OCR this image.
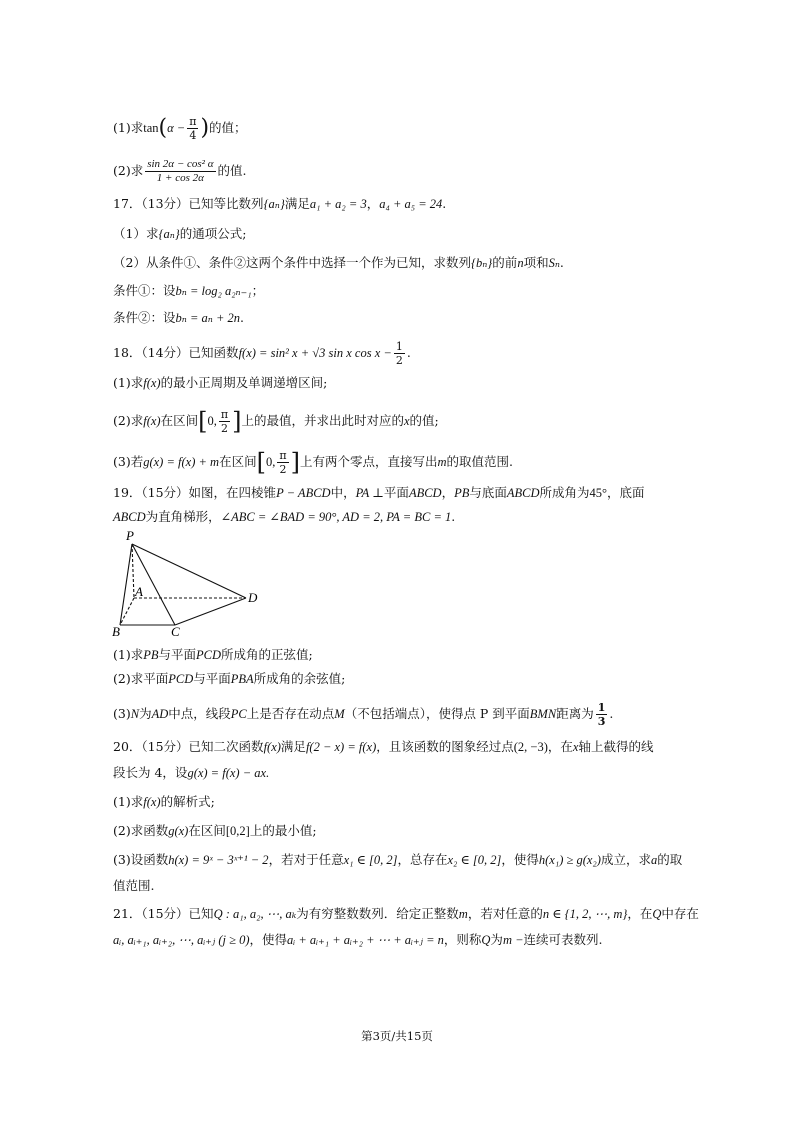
(1)求$\tan(\alpha - \frac{\pi}{4}$ )的值；
(2)求 $\frac{\text{sin 2α − cos² α}}{1 + \cos 2\alpha}$ 的值.
17．（13分）已知等比数列{aₙ}满足a₁ + a₂ = 3，a₄ + a₅ = 24.
（1）求{aₙ}的通项公式;
（2）从条件①、条件②这两个条件中选择一个作为已知，求数列{bₙ}的前n项和Sₙ.
条件①：设bₙ = log₂ a₂ₙ₋₁；
条件②：设bₙ = aₙ + 2n.
18．（14分）已知函数f(x) = sin² x + √3 sin x $\cos x - \frac{1}{2}$ .
(1)求f(x)的最小正周期及单调递增区间;
(2)求f(x)在区间[0, $\frac{\pi}{2}$ ]上的最值，并求出此时对应的x的值;
(3)若g(x) = f(x) + m在区间[0, $\frac{\pi}{2}$ ]上有两个零点，直接写出m的取值范围.
19．（15分）如图，在四棱锥P − ABCD中，PA ⊥平面ABCD，PB与底面ABCD所成角为45°，底面
ABCD为直角梯形，∠ABC = ∠BAD = 90°, AD = 2, PA = BC = 1.
P
A
B	C
D
(1)求PB与平面PCD所成角的正弦值;
(2)求平面PCD与平面PBA所成角的余弦值;
(3)N为AD中点，线段PC上是否存在动点M（不包括端点），使得点 P 到平面BMN距离为 $\frac{1}{3}$ .
20．（15分）已知二次函数f(x)满足f(2 − x) = f(x)，且该函数的图象经过点(2, −3)，在x轴上截得的线
段长为 4，设g(x) = f(x) − ax.
(1)求f(x)的解析式;
(2)求函数g(x)在区间[0,2]上的最小值;
(3)设函数h(x) = 9ˣ − 3ˣ⁺¹ − 2，若对于任意x₁ ∈ [0, 2]，总存在x₂ ∈ [0, 2]，使得h(x₁) ≥ g(x₂)成立，求a的取
值范围.
21．（15分）已知Q : a₁, a₂, ⋯, aₖ为有穷整数数列．给定正整数m，若对任意的n ∈ {1, 2, ⋯, m}，在Q中存在
aᵢ, aᵢ₊₁, aᵢ₊₂, ⋯, aᵢ₊ⱼ (j ≥ 0)，使得aᵢ + aᵢ₊₁ + aᵢ₊₂ + ⋯ + aᵢ₊ⱼ = n，则称Q为m −连续可表数列.
第3页/共15页
